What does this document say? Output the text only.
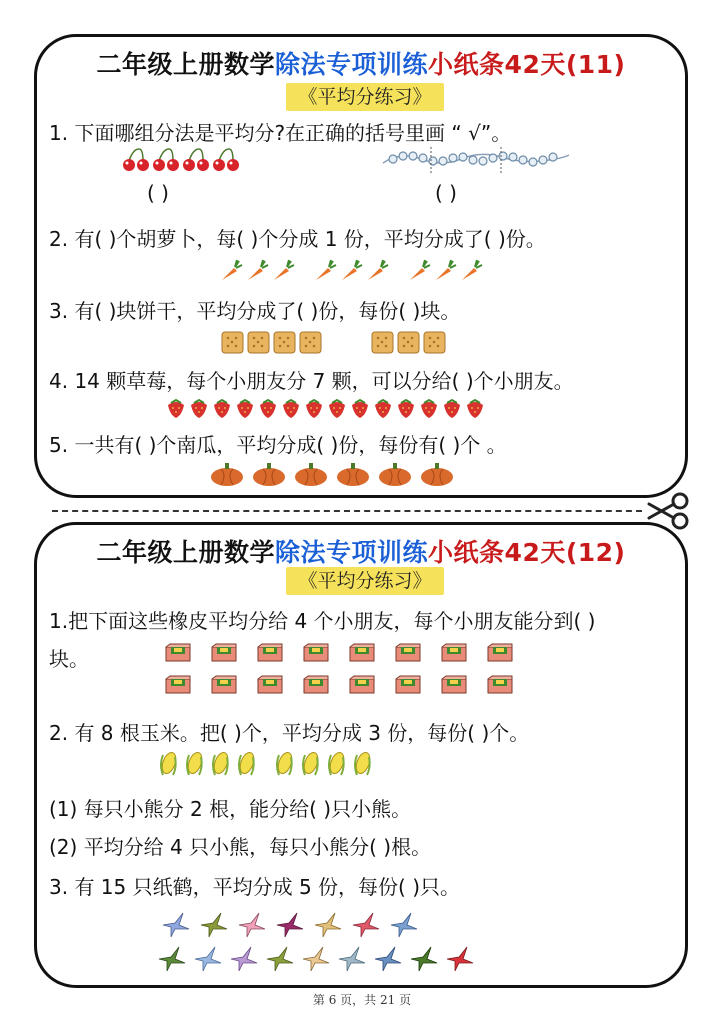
二年级上册数学除法专项训练小纸条42天(11)
《平均分练习》
1. 下面哪组分法是平均分?在正确的括号里画 “ √”。
( )	( )
2. 有( )个胡萝卜，每( )个分成 1 份，平均分成了( )份。
3. 有( )块饼干，平均分成了( )份，每份( )块。
4. 14 颗草莓，每个小朋友分 7 颗，可以分给( )个小朋友。
5. 一共有( )个南瓜，平均分成( )份，每份有( )个 。
二年级上册数学除法专项训练小纸条42天(12)
《平均分练习》
1.把下面这些橡皮平均分给 4 个小朋友，每个小朋友能分到( )
块。
2. 有 8 根玉米。把( )个，平均分成 3 份，每份( )个。
(1) 每只小熊分 2 根，能分给( )只小熊。
(2) 平均分给 4 只小熊，每只小熊分( )根。
3. 有 15 只纸鹤，平均分成 5 份，每份( )只。
第 6 页，共 21 页
